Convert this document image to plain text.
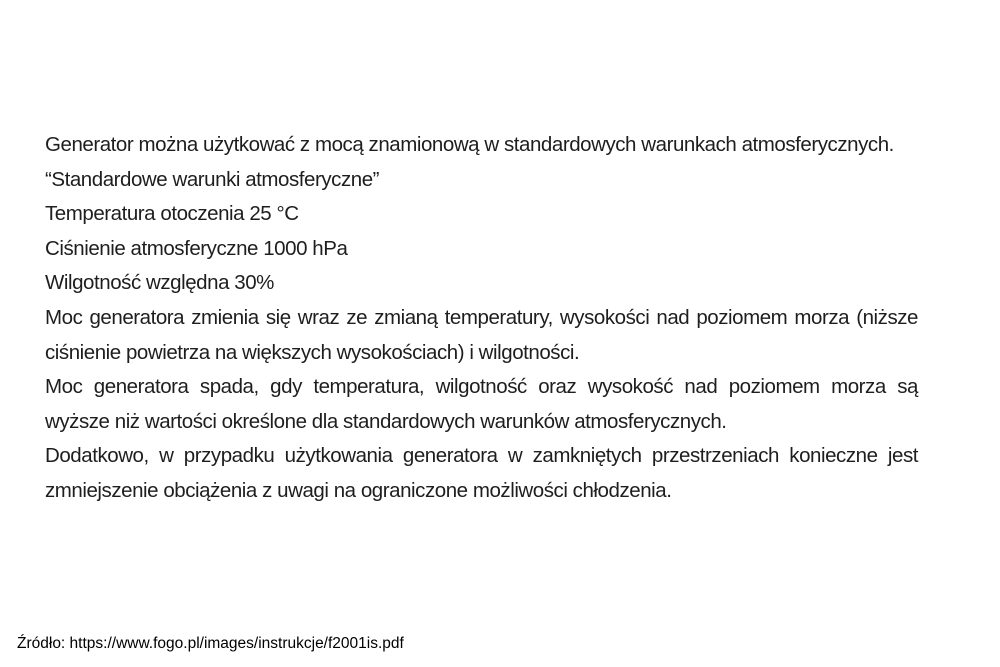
Generator można użytkować z mocą znamionową w standardowych warunkach atmosferycznych.

“Standardowe warunki atmosferyczne”

Temperatura otoczenia 25 °C

Ciśnienie atmosferyczne 1000 hPa

Wilgotność względna 30%

Moc generatora zmienia się wraz ze zmianą temperatury, wysokości nad poziomem morza (niższe ciśnienie powietrza na większych wysokościach) i wilgotności.

Moc generatora spada, gdy temperatura, wilgotność oraz wysokość nad poziomem morza są wyższe niż wartości określone dla standardowych warunków atmosferycznych.

Dodatkowo, w przypadku użytkowania generatora w zamkniętych przestrzeniach konieczne jest zmniejszenie obciążenia z uwagi na ograniczone możliwości chłodzenia.

Źródło: https://www.fogo.pl/images/instrukcje/f2001is.pdf
